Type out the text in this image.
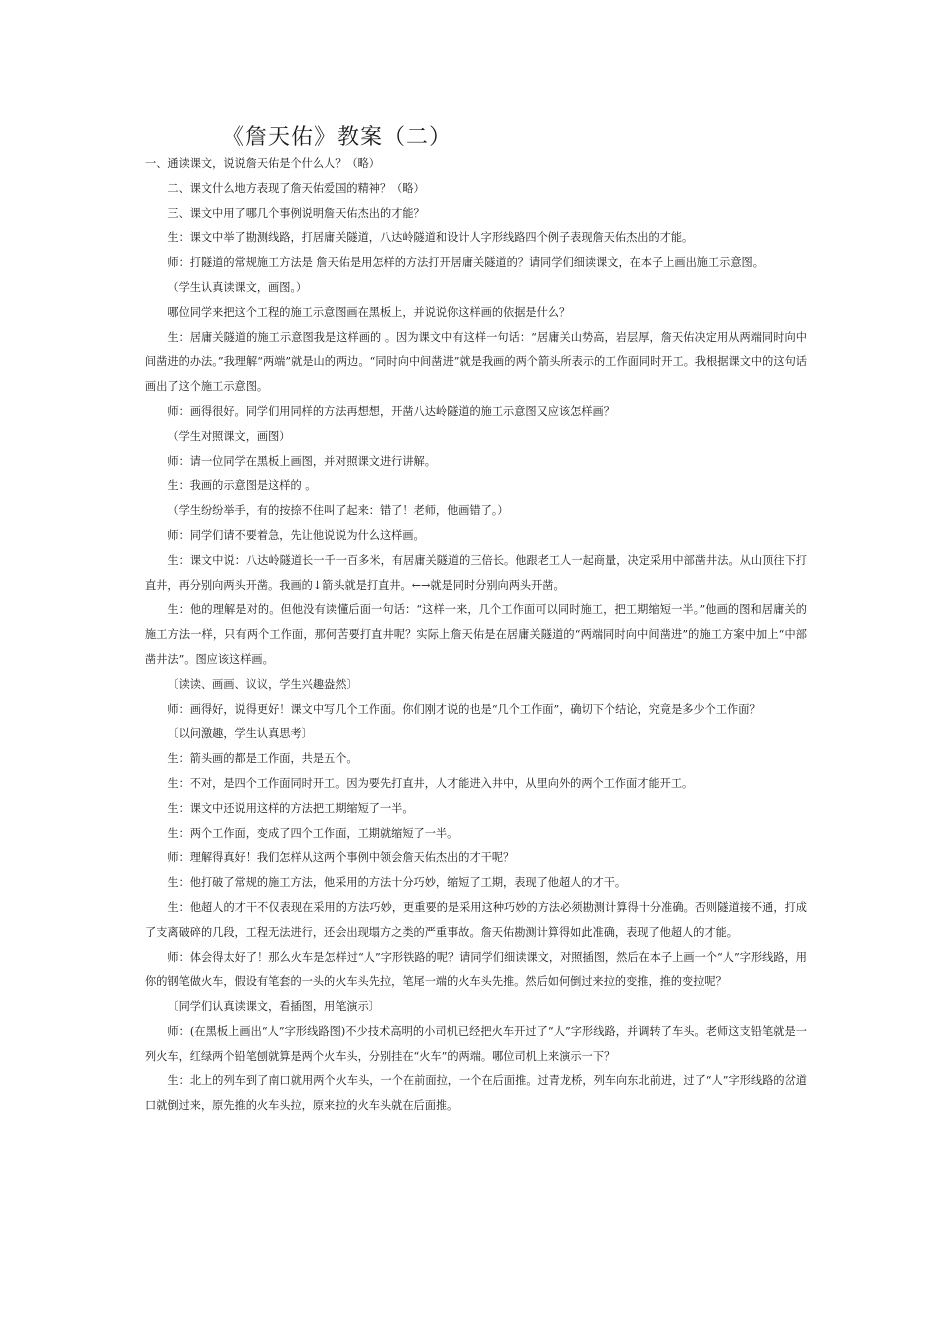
《詹天佑》教案（二）

一、通读课文，说说詹天佑是个什么人？（略）

二、课文什么地方表现了詹天佑爱国的精神？（略）

三、课文中用了哪几个事例说明詹天佑杰出的才能？

生：课文中举了勘测线路，打居庸关隧道，八达岭隧道和设计人字形线路四个例子表现詹天佑杰出的才能。

师：打隧道的常规施工方法是 詹天佑是用怎样的方法打开居庸关隧道的？请同学们细读课文，在本子上画出施工示意图。

（学生认真读课文，画图。）

哪位同学来把这个工程的施工示意图画在黑板上，并说说你这样画的依据是什么？

生：居庸关隧道的施工示意图我是这样画的 。因为课文中有这样一句话：“居庸关山势高，岩层厚，詹天佑决定用从两端同时向中间凿进的办法。”我理解“两端”就是山的两边。“同时向中间凿进”就是我画的两个箭头所表示的工作面同时开工。我根据课文中的这句话画出了这个施工示意图。

师：画得很好。同学们用同样的方法再想想，开凿八达岭隧道的施工示意图又应该怎样画？

（学生对照课文，画图）

师：请一位同学在黑板上画图，并对照课文进行讲解。

生：我画的示意图是这样的 。

（学生纷纷举手，有的按捺不住叫了起来：错了！老师，他画错了。）

师：同学们请不要着急，先让他说说为什么这样画。

生：课文中说：八达岭隧道长一千一百多米，有居庸关隧道的三倍长。他跟老工人一起商量，决定采用中部凿井法。从山顶往下打直井，再分别向两头开凿。我画的↓箭头就是打直井。←→就是同时分别向两头开凿。

生：他的理解是对的。但他没有读懂后面一句话：“这样一来，几个工作面可以同时施工，把工期缩短一半。”他画的图和居庸关的施工方法一样，只有两个工作面，那何苦要打直井呢？实际上詹天佑是在居庸关隧道的“两端同时向中间凿进”的施工方案中加上“中部凿井法”。图应该这样画。

〔读读、画画、议议，学生兴趣盎然〕

师：画得好，说得更好！课文中写几个工作面。你们刚才说的也是“几个工作面”，确切下个结论，究竟是多少个工作面？

〔以问激趣，学生认真思考〕

生：箭头画的都是工作面，共是五个。

生：不对，是四个工作面同时开工。因为要先打直井，人才能进入井中，从里向外的两个工作面才能开工。

生：课文中还说用这样的方法把工期缩短了一半。

生：两个工作面，变成了四个工作面，工期就缩短了一半。

师：理解得真好！我们怎样从这两个事例中领会詹天佑杰出的才干呢？

生：他打破了常规的施工方法，他采用的方法十分巧妙，缩短了工期，表现了他超人的才干。

生：他超人的才干不仅表现在采用的方法巧妙，更重要的是采用这种巧妙的方法必须勘测计算得十分准确。否则隧道接不通，打成了支离破碎的几段，工程无法进行，还会出现塌方之类的严重事故。詹天佑勘测计算得如此准确，表现了他超人的才能。

师：体会得太好了！那么火车是怎样过“人”字形铁路的呢？请同学们细读课文，对照插图，然后在本子上画一个“人”字形线路，用你的钢笔做火车，假设有笔套的一头的火车头先拉，笔尾一端的火车头先推。然后如何倒过来拉的变推，推的变拉呢？

〔同学们认真读课文，看插图，用笔演示〕

师：(在黑板上画出“人”字形线路图)不少技术高明的小司机已经把火车开过了“人”字形线路，并调转了车头。老师这支铅笔就是一列火车，红绿两个铅笔刨就算是两个火车头，分别挂在“火车”的两端。哪位司机上来演示一下？

生：北上的列车到了南口就用两个火车头，一个在前面拉，一个在后面推。过青龙桥，列车向东北前进，过了“人”字形线路的岔道口就倒过来，原先推的火车头拉，原来拉的火车头就在后面推。
